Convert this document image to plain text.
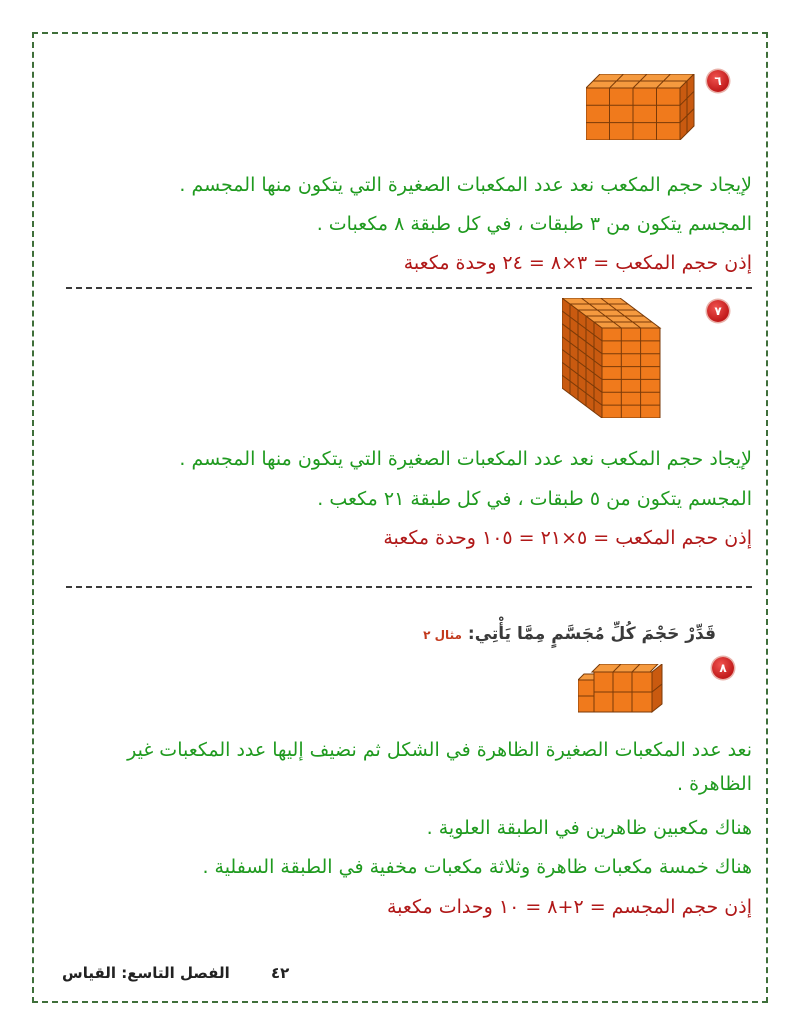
٦
لإيجاد حجم المكعب نعد عدد المكعبات الصغيرة التي يتكون منها المجسم .
المجسم يتكون من ٣ طبقات ، في كل طبقة ٨ مكعبات .
إذن حجم المكعب = ٣×٨ = ٢٤ وحدة مكعبة
٧
لإيجاد حجم المكعب نعد عدد المكعبات الصغيرة التي يتكون منها المجسم .
المجسم يتكون من ٥ طبقات ، في كل طبقة ٢١ مكعب .
إذن حجم المكعب = ٥×٢١ = ١٠٥ وحدة مكعبة
قَدِّرْ حَجْمَ كُلِّ مُجَسَّمٍ مِمَّا يَأْتِي:مثال ٢
٨
نعد عدد المكعبات الصغيرة الظاهرة في الشكل ثم نضيف إليها عدد المكعبات غير الظاهرة .
هناك مكعبين ظاهرين في الطبقة العلوية .
هناك خمسة مكعبات ظاهرة وثلاثة مكعبات مخفية في الطبقة السفلية .
إذن حجم المجسم = ٢+٨ = ١٠ وحدات مكعبة
٤٢ الفصل التاسع: القياس
